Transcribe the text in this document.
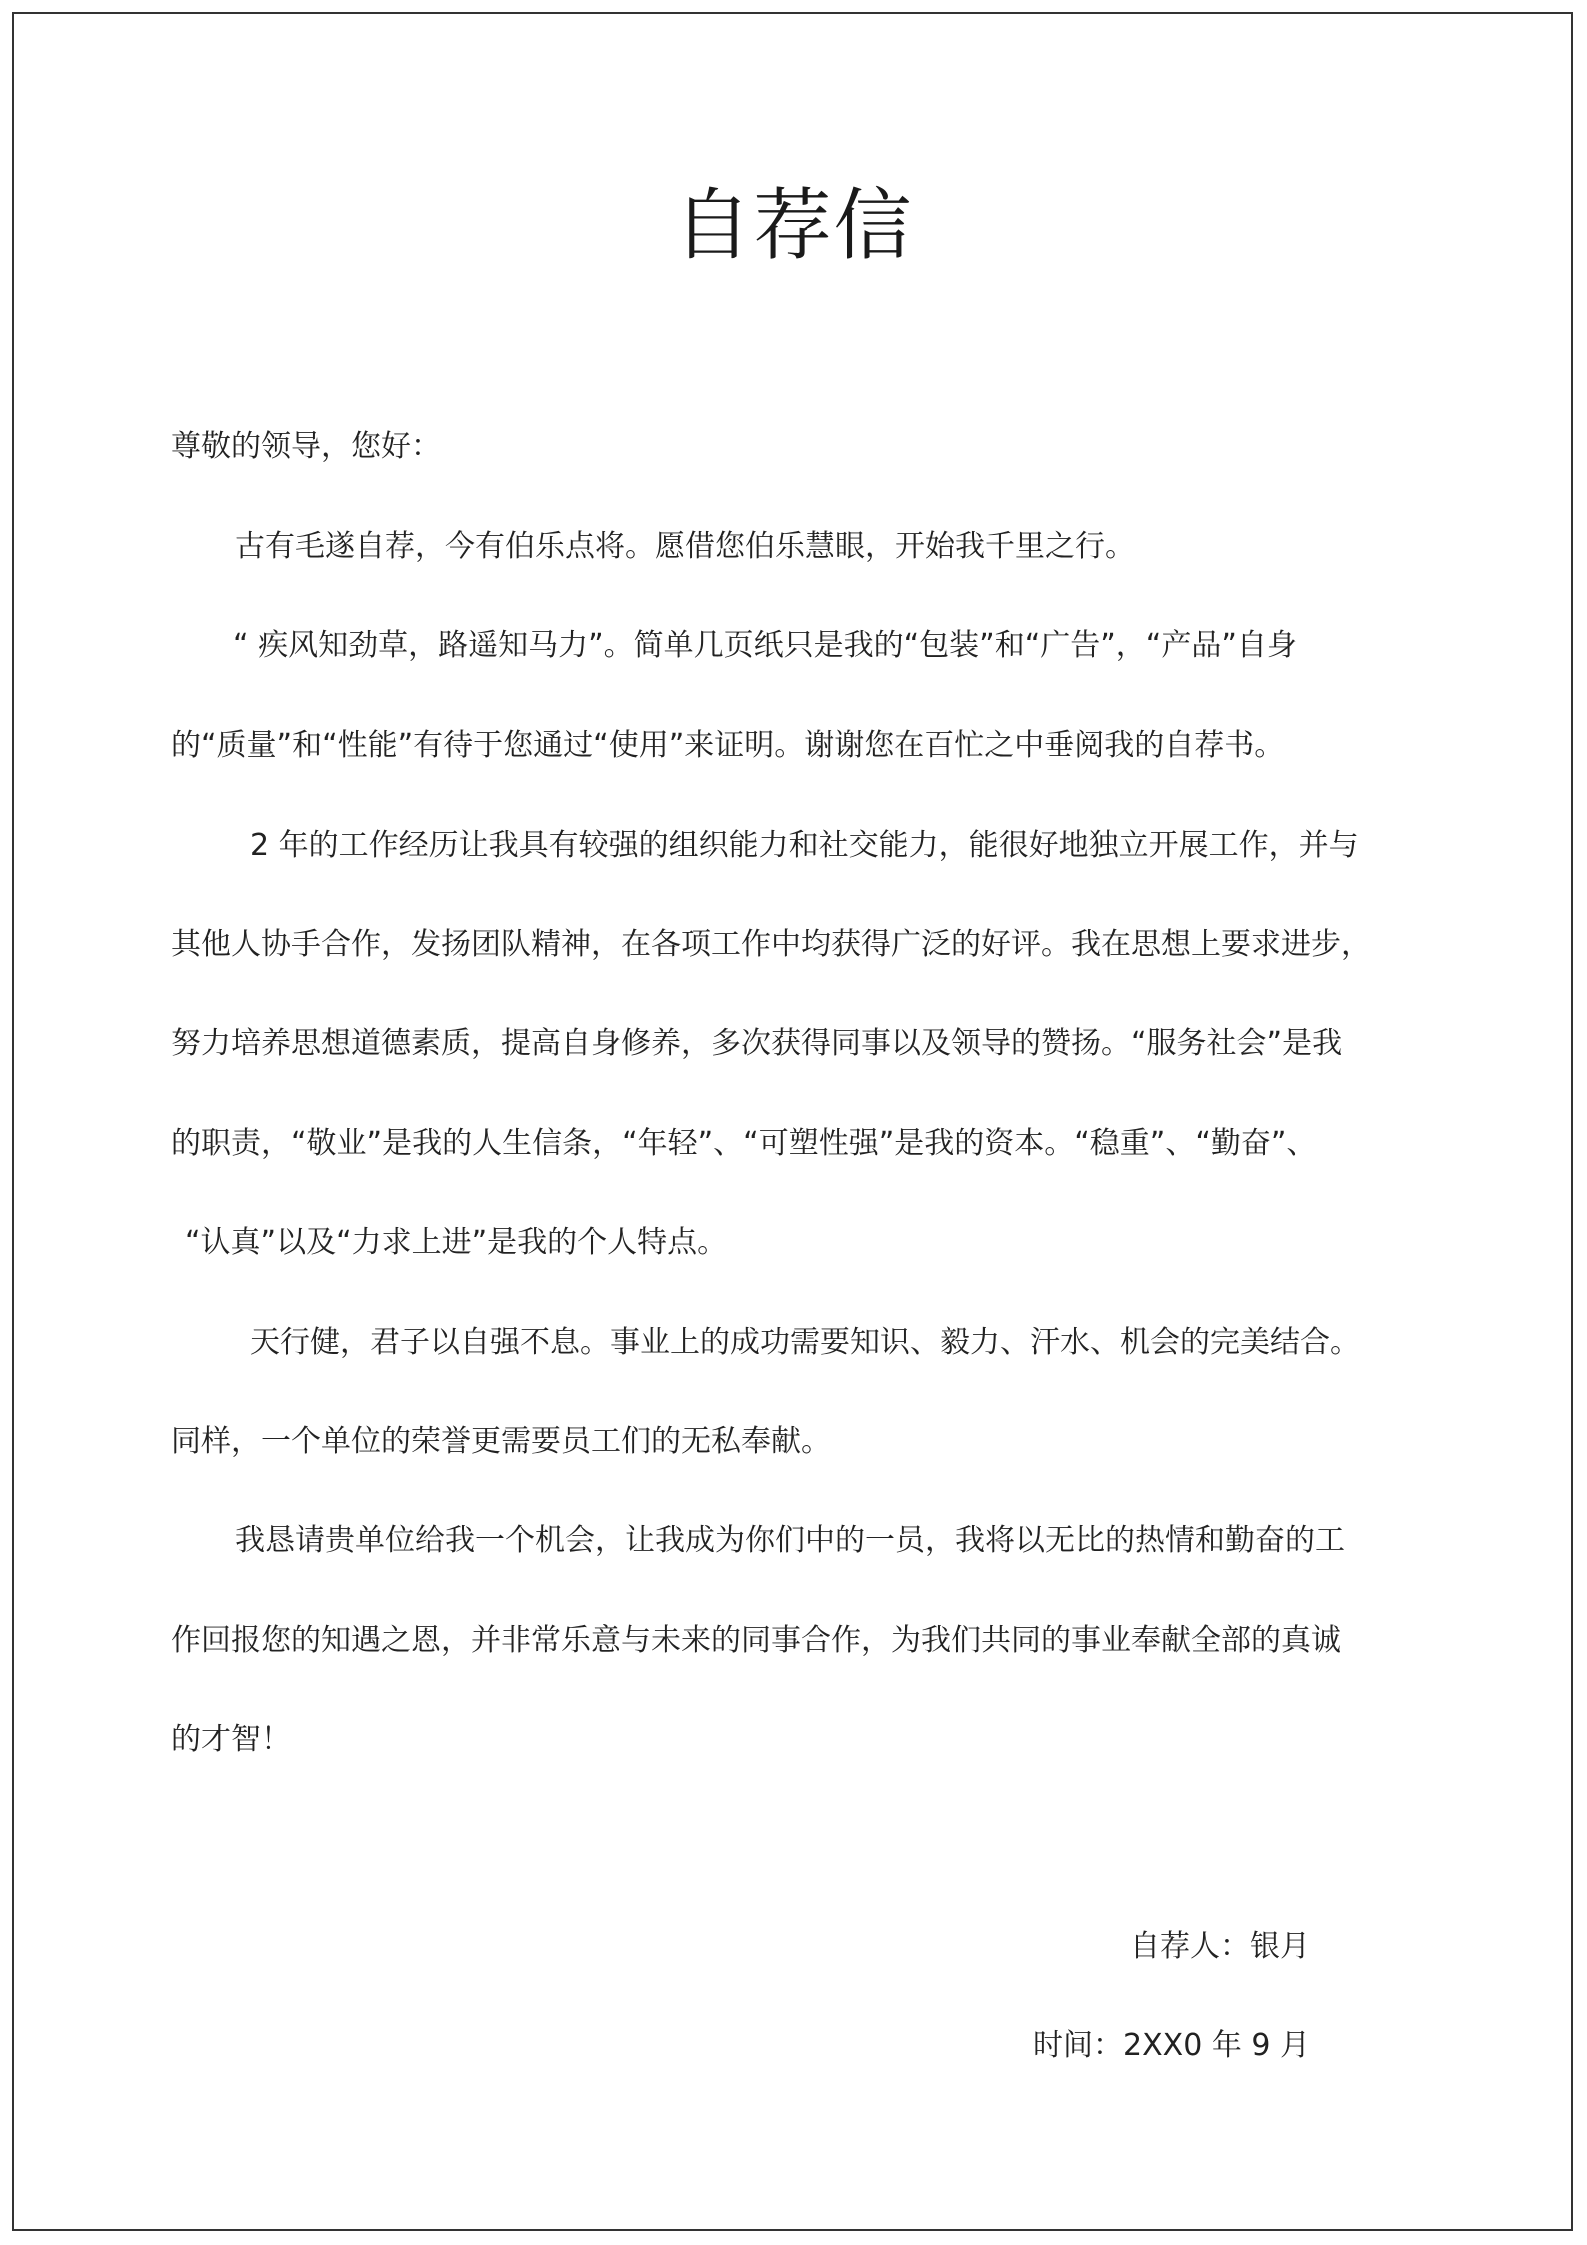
自荐信
尊敬的领导，您好：
古有毛遂自荐，今有伯乐点将。愿借您伯乐慧眼，开始我千里之行。
“ 疾风知劲草，路遥知马力”。简单几页纸只是我的“包装”和“广告”，“产品”自身
的“质量”和“性能”有待于您通过“使用”来证明。谢谢您在百忙之中垂阅我的自荐书。
2 年的工作经历让我具有较强的组织能力和社交能力，能很好地独立开展工作，并与
其他人协手合作，发扬团队精神，在各项工作中均获得广泛的好评。我在思想上要求进步，
努力培养思想道德素质，提高自身修养，多次获得同事以及领导的赞扬。“服务社会”是我
的职责，“敬业”是我的人生信条，“年轻”、“可塑性强”是我的资本。“稳重”、“勤奋”、
“认真”以及“力求上进”是我的个人特点。
天行健，君子以自强不息。事业上的成功需要知识、毅力、汗水、机会的完美结合。
同样，一个单位的荣誉更需要员工们的无私奉献。
我恳请贵单位给我一个机会，让我成为你们中的一员，我将以无比的热情和勤奋的工
作回报您的知遇之恩，并非常乐意与未来的同事合作，为我们共同的事业奉献全部的真诚
的才智！
自荐人：银月
时间：2XX0 年 9 月
